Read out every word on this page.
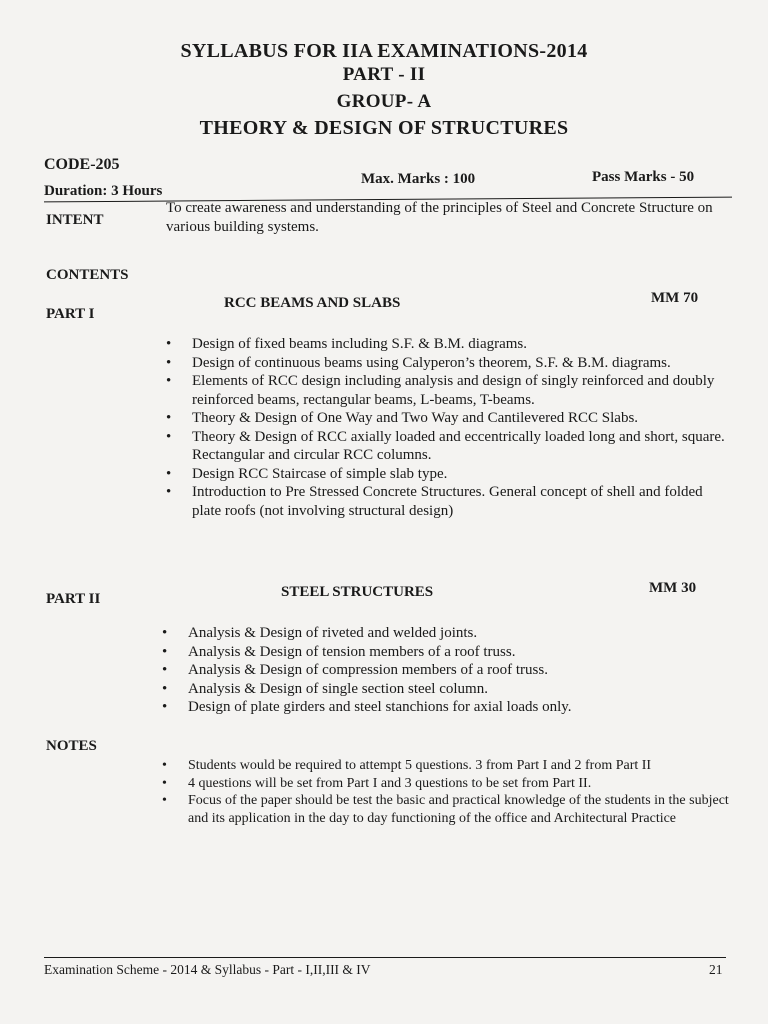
SYLLABUS FOR IIA EXAMINATIONS-2014
PART - II
GROUP- A
THEORY & DESIGN OF STRUCTURES
CODE-205
Duration: 3 Hours
Max. Marks : 100	Pass Marks - 50
INTENT
To create awareness and understanding of the principles of Steel and Concrete Structure on various building systems.
CONTENTS
PART I
RCC BEAMS AND SLABS	MM 70
• Design of fixed beams including S.F. & B.M. diagrams.
• Design of continuous beams using Calyperon’s theorem, S.F. & B.M. diagrams.
• Elements of RCC design including analysis and design of singly reinforced and doubly reinforced beams, rectangular beams, L-beams, T-beams.
• Theory & Design of One Way and Two Way and Cantilevered RCC Slabs.
• Theory & Design of RCC axially loaded and eccentrically loaded long and short, square. Rectangular and circular RCC columns.
• Design RCC Staircase of simple slab type.
• Introduction to Pre Stressed Concrete Structures. General concept of shell and folded plate roofs (not involving structural design)
PART II	STEEL STRUCTURES	MM 30
• Analysis & Design of riveted and welded joints.
• Analysis & Design of tension members of a roof truss.
• Analysis & Design of compression members of a roof truss.
• Analysis & Design of single section steel column.
• Design of plate girders and steel stanchions for axial loads only.
NOTES
• Students would be required to attempt 5 questions. 3 from Part I and 2 from Part II
• 4 questions will be set from Part I and 3 questions to be set from Part II.
• Focus of the paper should be test the basic and practical knowledge of the students in the subject and its application in the day to day functioning of the office and Architectural Practice
Examination Scheme - 2014 & Syllabus - Part - I,II,III & IV	21
